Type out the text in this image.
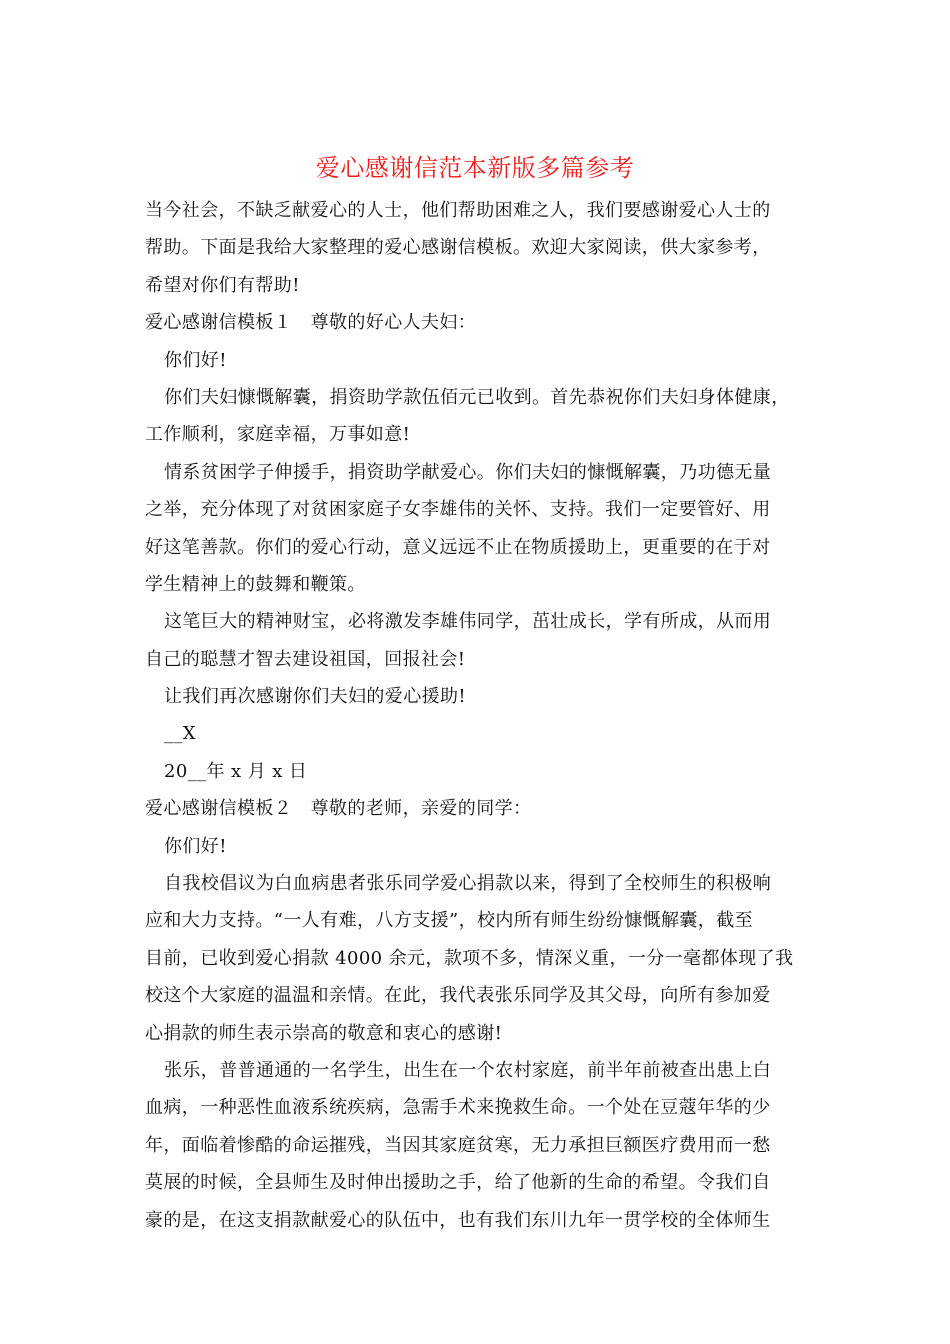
爱心感谢信范本新版多篇参考
当今社会，不缺乏献爱心的人士，他们帮助困难之人，我们要感谢爱心人士的
帮助。下面是我给大家整理的爱心感谢信模板。欢迎大家阅读，供大家参考，
希望对你们有帮助!
爱心感谢信模板１　尊敬的好心人夫妇：
你们好!
你们夫妇慷慨解囊，捐资助学款伍佰元已收到。首先恭祝你们夫妇身体健康，
工作顺利，家庭幸福，万事如意!
情系贫困学子伸援手，捐资助学献爱心。你们夫妇的慷慨解囊，乃功德无量
之举，充分体现了对贫困家庭子女李雄伟的关怀、支持。我们一定要管好、用
好这笔善款。你们的爱心行动，意义远远不止在物质援助上，更重要的在于对
学生精神上的鼓舞和鞭策。
这笔巨大的精神财宝，必将激发李雄伟同学，茁壮成长，学有所成，从而用
自己的聪慧才智去建设祖国，回报社会!
让我们再次感谢你们夫妇的爱心援助!
__X
20__年 x 月 x 日
爱心感谢信模板２　尊敬的老师，亲爱的同学：
你们好!
自我校倡议为白血病患者张乐同学爱心捐款以来，得到了全校师生的积极响
应和大力支持。“一人有难，八方支援”，校内所有师生纷纷慷慨解囊，截至
目前，已收到爱心捐款 4000 余元，款项不多，情深义重，一分一毫都体现了我
校这个大家庭的温温和亲情。在此，我代表张乐同学及其父母，向所有参加爱
心捐款的师生表示崇高的敬意和衷心的感谢!
张乐，普普通通的一名学生，出生在一个农村家庭，前半年前被查出患上白
血病，一种恶性血液系统疾病，急需手术来挽救生命。一个处在豆蔻年华的少
年，面临着惨酷的命运摧残，当因其家庭贫寒，无力承担巨额医疗费用而一愁
莫展的时候，全县师生及时伸出援助之手，给了他新的生命的希望。令我们自
豪的是，在这支捐款献爱心的队伍中，也有我们东川九年一贯学校的全体师生
